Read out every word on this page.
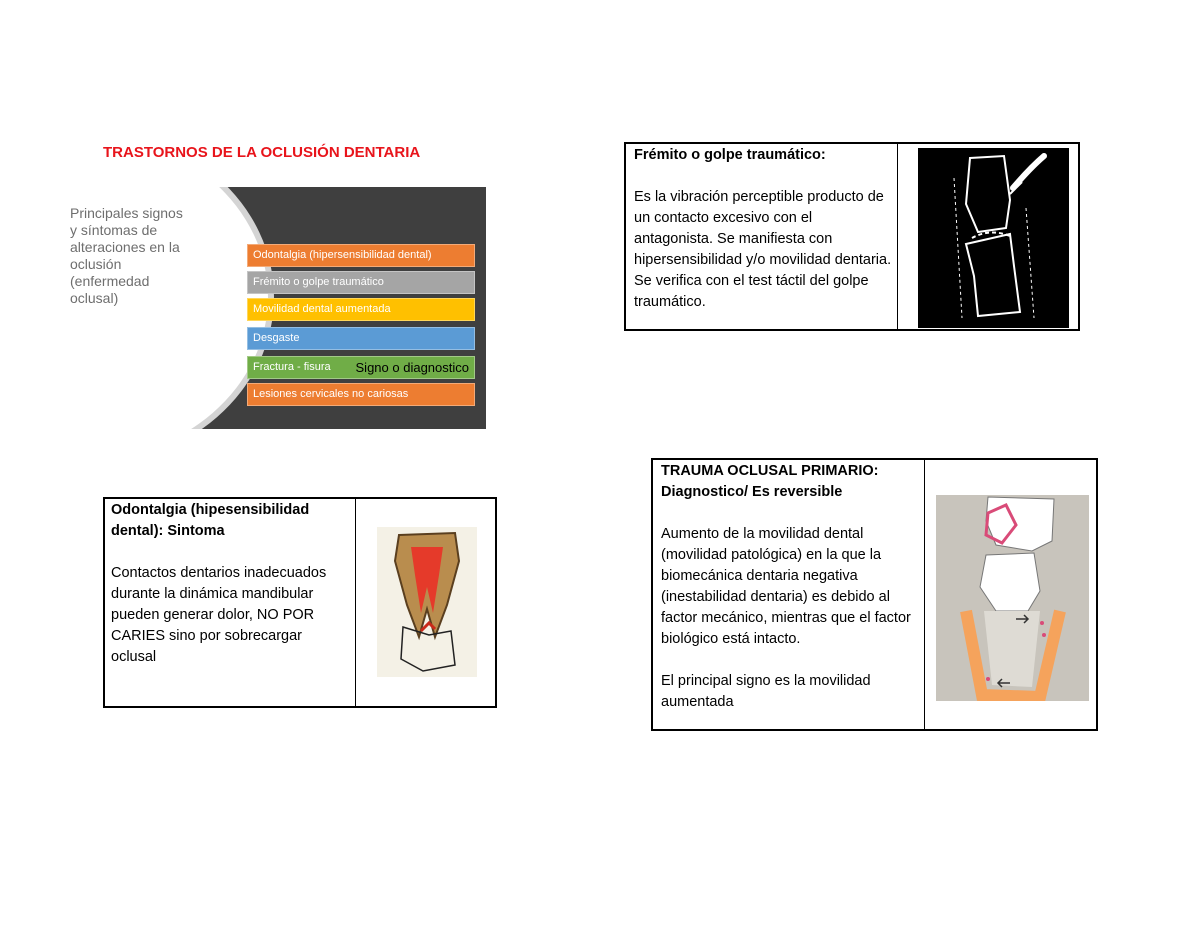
TRASTORNOS DE LA OCLUSIÓN DENTARIA
Principales signos y síntomas de alteraciones en la oclusión (enfermedad oclusal)
Odontalgia (hipersensibilidad dental)
Frémito o golpe traumático
Movilidad dental aumentada
Desgaste
Fractura - fisura Signo o diagnostico
Lesiones cervicales no cariosas
Odontalgia (hipesensibilidad dental): Sintoma
Contactos dentarios inadecuados durante la dinámica mandibular pueden generar dolor, NO POR CARIES sino por sobrecargar oclusal
Frémito o golpe traumático:
Es la vibración perceptible producto de un contacto excesivo con el antagonista. Se manifiesta con hipersensibilidad y/o movilidad dentaria. Se verifica con el test táctil del golpe traumático.
TRAUMA OCLUSAL PRIMARIO:
Diagnostico/ Es reversible
Aumento de la movilidad dental (movilidad patológica) en la que la biomecánica dentaria negativa (inestabilidad dentaria) es debido al factor mecánico, mientras que el factor biológico está intacto.
El principal signo es la movilidad aumentada
